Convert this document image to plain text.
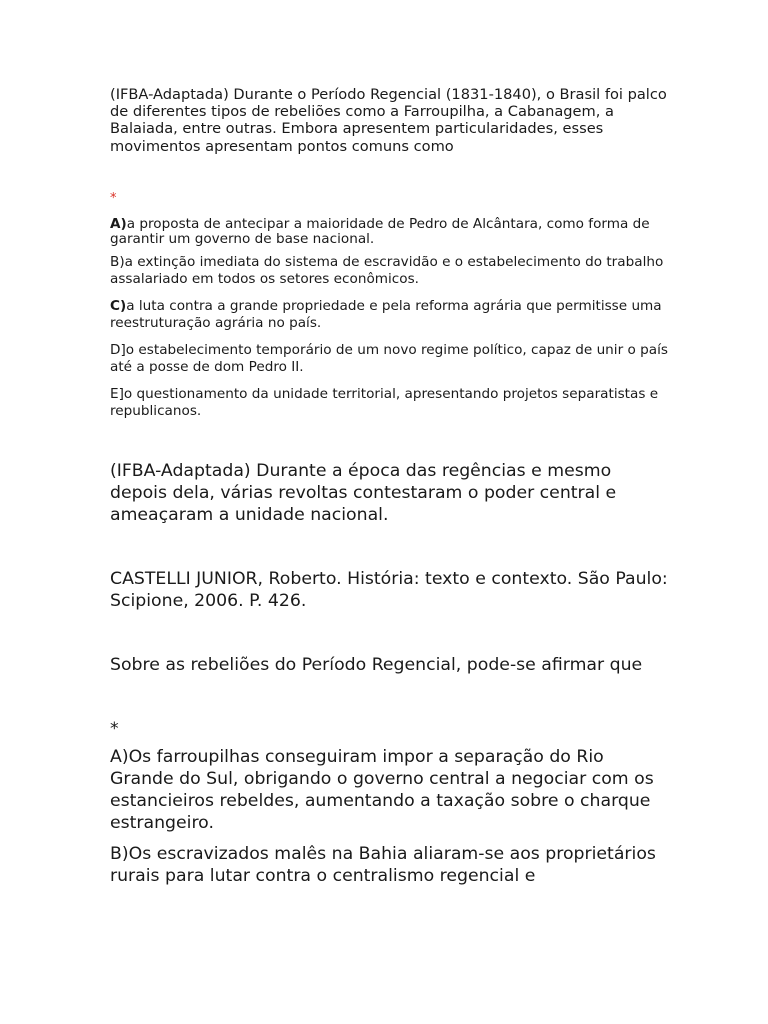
(IFBA-Adaptada) Durante o Período Regencial (1831-1840), o Brasil foi palco de diferentes tipos de rebeliões como a Farroupilha, a Cabanagem, a Balaiada, entre outras. Embora apresentem particularidades, esses movimentos apresentam pontos comuns como

*

A)a proposta de antecipar a maioridade de Pedro de Alcântara, como forma de garantir um governo de base nacional.

B)a extinção imediata do sistema de escravidão e o estabelecimento do trabalho assalariado em todos os setores econômicos.

C)a luta contra a grande propriedade e pela reforma agrária que permitisse uma reestruturação agrária no país.

D]o estabelecimento temporário de um novo regime político, capaz de unir o país até a posse de dom Pedro II.

E]o questionamento da unidade territorial, apresentando projetos separatistas e republicanos.

(IFBA-Adaptada) Durante a época das regências e mesmo depois dela, várias revoltas contestaram o poder central e ameaçaram a unidade nacional.

CASTELLI JUNIOR, Roberto. História: texto e contexto. São Paulo: Scipione, 2006. P. 426.

Sobre as rebeliões do Período Regencial, pode-se afirmar que

*

A)Os farroupilhas conseguiram impor a separação do Rio Grande do Sul, obrigando o governo central a negociar com os estancieiros rebeldes, aumentando a taxação sobre o charque estrangeiro.

B)Os escravizados malês na Bahia aliaram-se aos proprietários rurais para lutar contra o centralismo regencial e
